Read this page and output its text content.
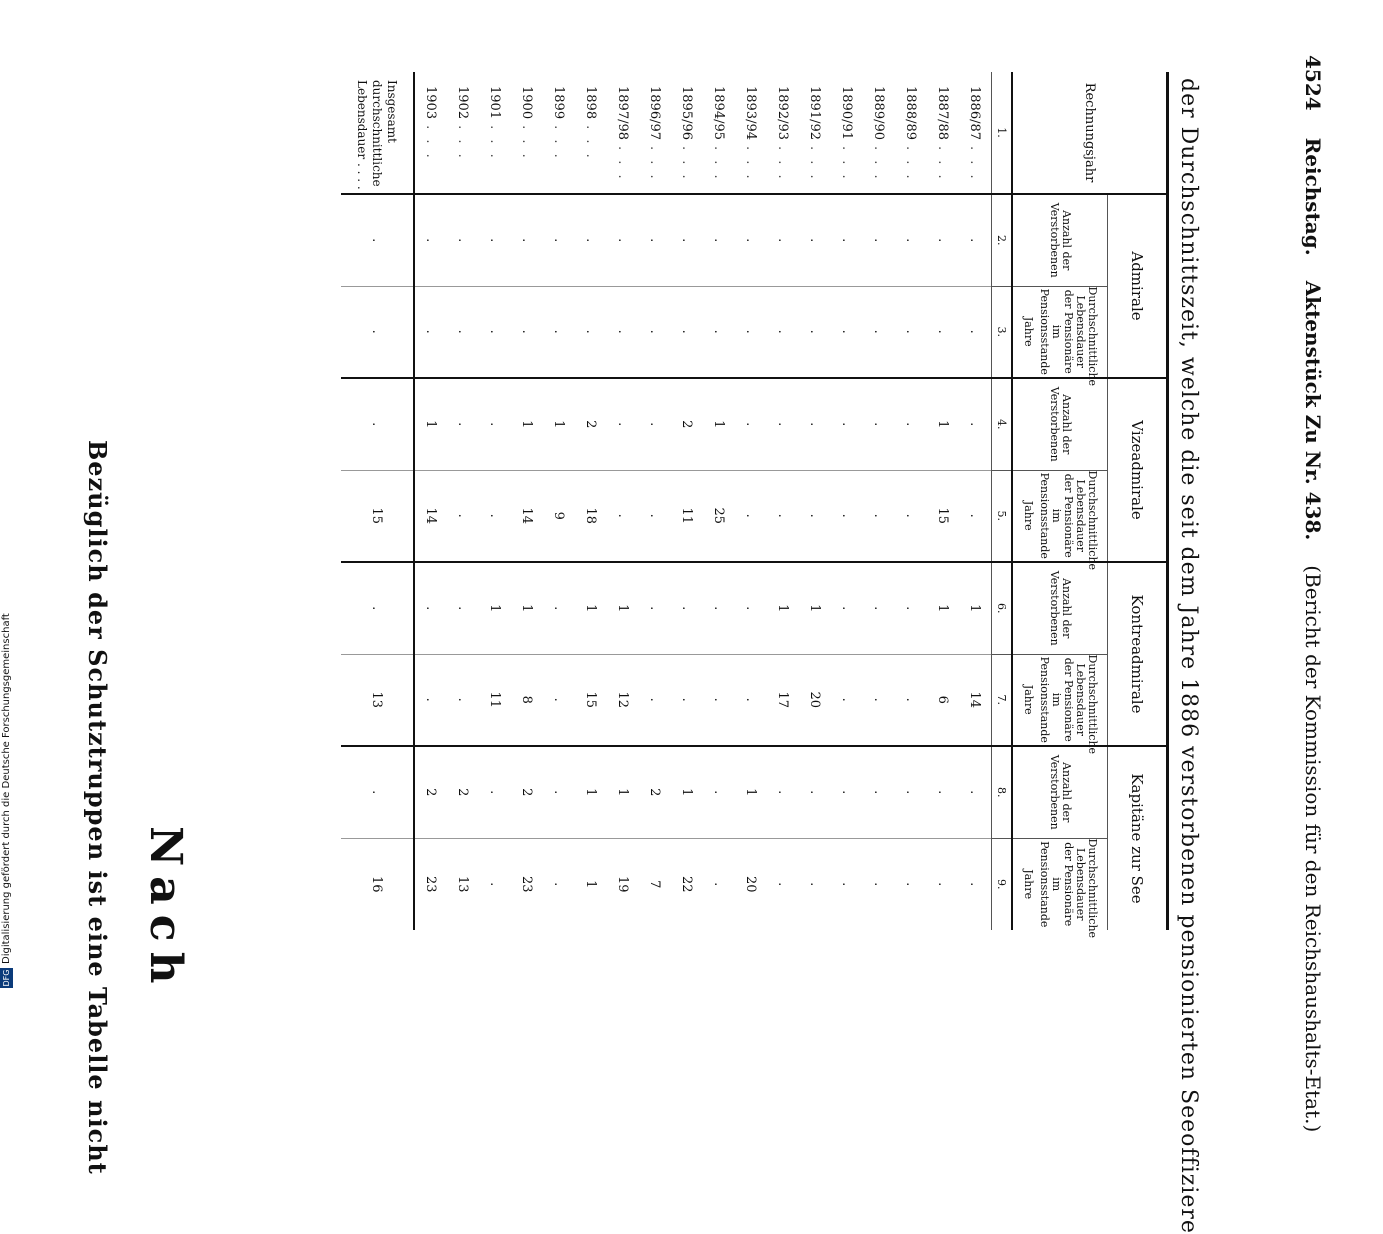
4524 Reichstag. Aktenstück Zu Nr. 438. (Bericht der Kommission für den Reichshaushalts-Etat.)
Nach	der Durchschnittszeit, welche die seit dem Jahre 1886 verstorbenen pensionierten Seeoffiziere
Rechnungsjahr	Admirale		Vizeadmirale		Kontreadmirale		Kapitäne zur See	
	Anzahl der Verstorbenen	Durchschnittliche Lebensdauer der Pensionäre im Pensionsstande
Jahre	Anzahl der Verstorbenen	Durchschnittliche Lebensdauer der Pensionäre im Pensionsstande
Jahre	Anzahl der Verstorbenen	Durchschnittliche Lebensdauer der Pensionäre im Pensionsstande
Jahre	Anzahl der Verstorbenen	Durchschnittliche Lebensdauer der Pensionäre im Pensionsstande
Jahre

1.	2.	3.	4.	5.	6.	7.	8.	9.
1886/87. . .	.	.	.	.	1	14	.	.
1887/88. . .	.	.	1	15	1	6	.	.
1888/89. . .	.	.	.	.	.	.	.	.
1889/90. . .	.	.	.	.	.	.	.	.
1890/91. . .	.	.	.	.	.	.	.	.
1891/92. . .	.	.	.	.	1	20	.	.
1892/93. . .	.	.	.	.	1	17	.	.
1893/94. . .	.	.	.	.	.	.	1	20
1894/95. . .	.	.	1	25	.	.	.	.
1895/96. . .	.	.	2	11	.	.	1	22
1896/97. . .	.	.	.	.	.	.	2	7
1897/98. . .	.	.	.	.	1	12	1	19
1898. . .	.	.	2	18	1	15	1	1
1899. . .	.	.	1	9	.	.	.	.
1900. . .	.	.	1	14	1	8	2	23
1901. . .	.	.	.	.	1	11	.	.
1902. . .	.	.	.	.	.	.	2	13
1903. . .	.	.	1	14	.	.	2	23
Insgesamt durchschnittliche Lebensdauer . . . .	.	.	.	15	.	13	.	16
Bezüglich der Schutztruppen ist eine Tabelle nicht
Digitalisierung gefördert durch die Deutsche Forschungsgemeinschaft
DFG
